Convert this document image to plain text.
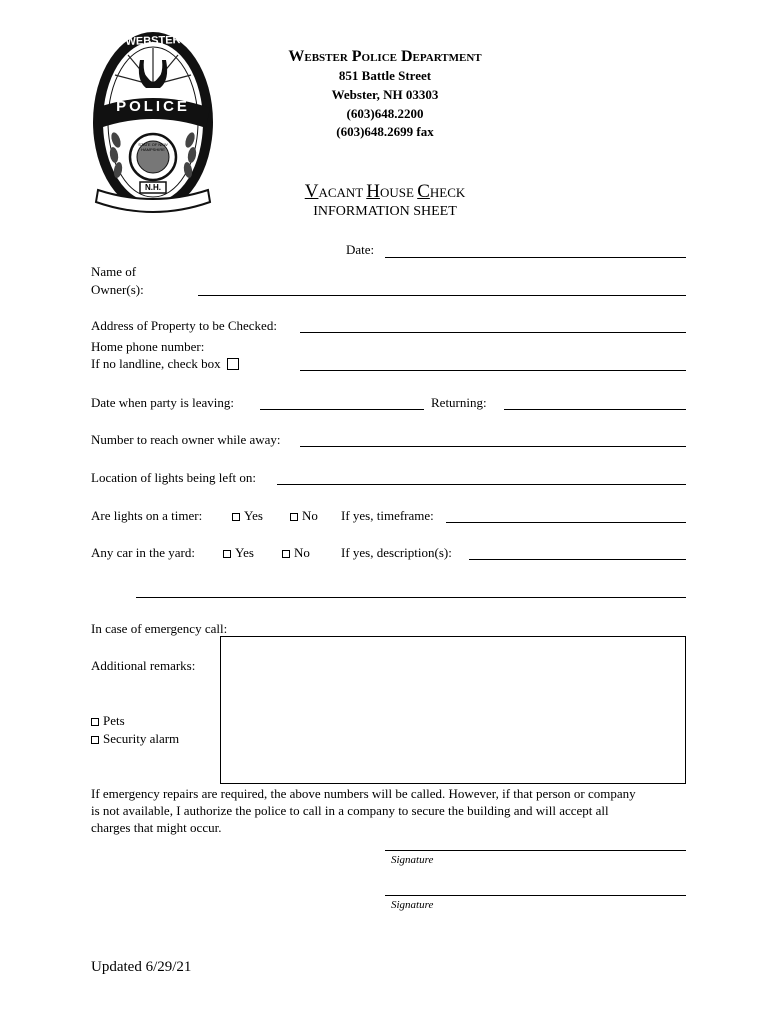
WEBSTER
POLICE
STATE OF NEW HAMPSHIRE
N.H.
Webster Police Department
851 Battle Street
Webster, NH 03303
(603)648.2200
(603)648.2699 fax
VACANT HOUSE CHECK
INFORMATION SHEET
Date:
Name of
Owner(s):
Address of Property to be Checked:
Home phone number:
If no landline, check box
Date when party is leaving:	Returning:
Number to reach owner while away:
Location of lights being left on:
Are lights on a timer:	Yes	No If yes, timeframe:
Any car in the yard:	Yes	No If yes, description(s):
In case of emergency call:
Additional remarks:
Pets
Security alarm
If emergency repairs are required, the above numbers will be called. However, if that person or company
is not available, I authorize the police to call in a company to secure the building and will accept all
charges that might occur.
Signature
Signature
Updated 6/29/21
